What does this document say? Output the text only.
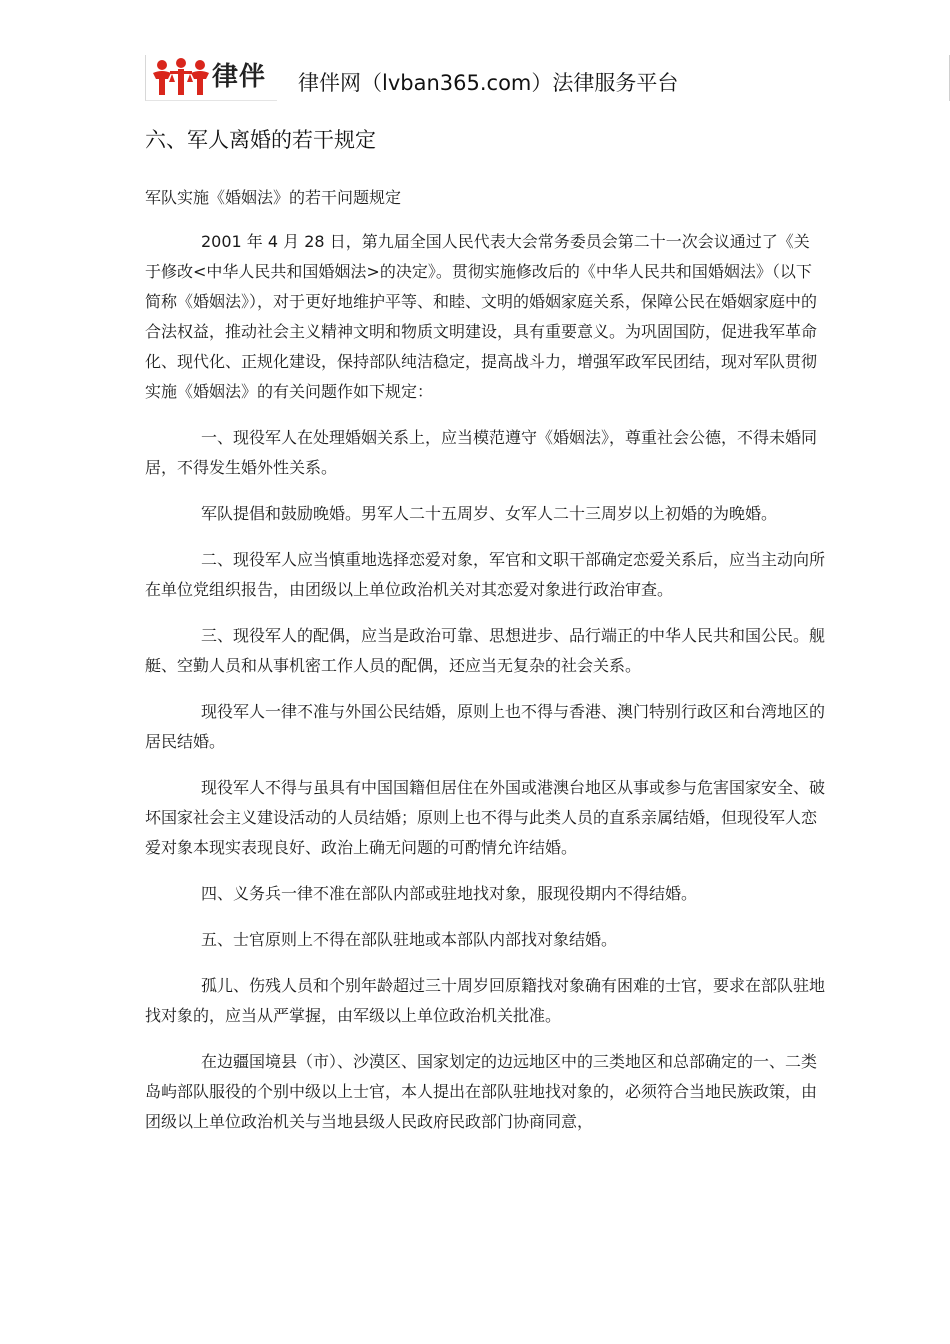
律伴 律伴网（lvban365.com）法律服务平台
六、军人离婚的若干规定

军队实施《婚姻法》的若干问题规定

2001 年 4 月 28 日，第九届全国人民代表大会常务委员会第二十一次会议通过了《关于修改<中华人民共和国婚姻法>的决定》。贯彻实施修改后的《中华人民共和国婚姻法》（以下简称《婚姻法》），对于更好地维护平等、和睦、文明的婚姻家庭关系，保障公民在婚姻家庭中的合法权益，推动社会主义精神文明和物质文明建设，具有重要意义。为巩固国防，促进我军革命化、现代化、正规化建设，保持部队纯洁稳定，提高战斗力，增强军政军民团结，现对军队贯彻实施《婚姻法》的有关问题作如下规定：

一、现役军人在处理婚姻关系上，应当模范遵守《婚姻法》，尊重社会公德，不得未婚同居，不得发生婚外性关系。

军队提倡和鼓励晚婚。男军人二十五周岁、女军人二十三周岁以上初婚的为晚婚。

二、现役军人应当慎重地选择恋爱对象，军官和文职干部确定恋爱关系后，应当主动向所在单位党组织报告，由团级以上单位政治机关对其恋爱对象进行政治审查。

三、现役军人的配偶，应当是政治可靠、思想进步、品行端正的中华人民共和国公民。舰艇、空勤人员和从事机密工作人员的配偶，还应当无复杂的社会关系。

现役军人一律不准与外国公民结婚，原则上也不得与香港、澳门特别行政区和台湾地区的居民结婚。

现役军人不得与虽具有中国国籍但居住在外国或港澳台地区从事或参与危害国家安全、破坏国家社会主义建设活动的人员结婚；原则上也不得与此类人员的直系亲属结婚，但现役军人恋爱对象本现实表现良好、政治上确无问题的可酌情允许结婚。

四、义务兵一律不准在部队内部或驻地找对象，服现役期内不得结婚。

五、士官原则上不得在部队驻地或本部队内部找对象结婚。

孤儿、伤残人员和个别年龄超过三十周岁回原籍找对象确有困难的士官，要求在部队驻地找对象的，应当从严掌握，由军级以上单位政治机关批准。

在边疆国境县（市）、沙漠区、国家划定的边远地区中的三类地区和总部确定的一、二类岛屿部队服役的个别中级以上士官，本人提出在部队驻地找对象的，必须符合当地民族政策，由团级以上单位政治机关与当地县级人民政府民政部门协商同意，
